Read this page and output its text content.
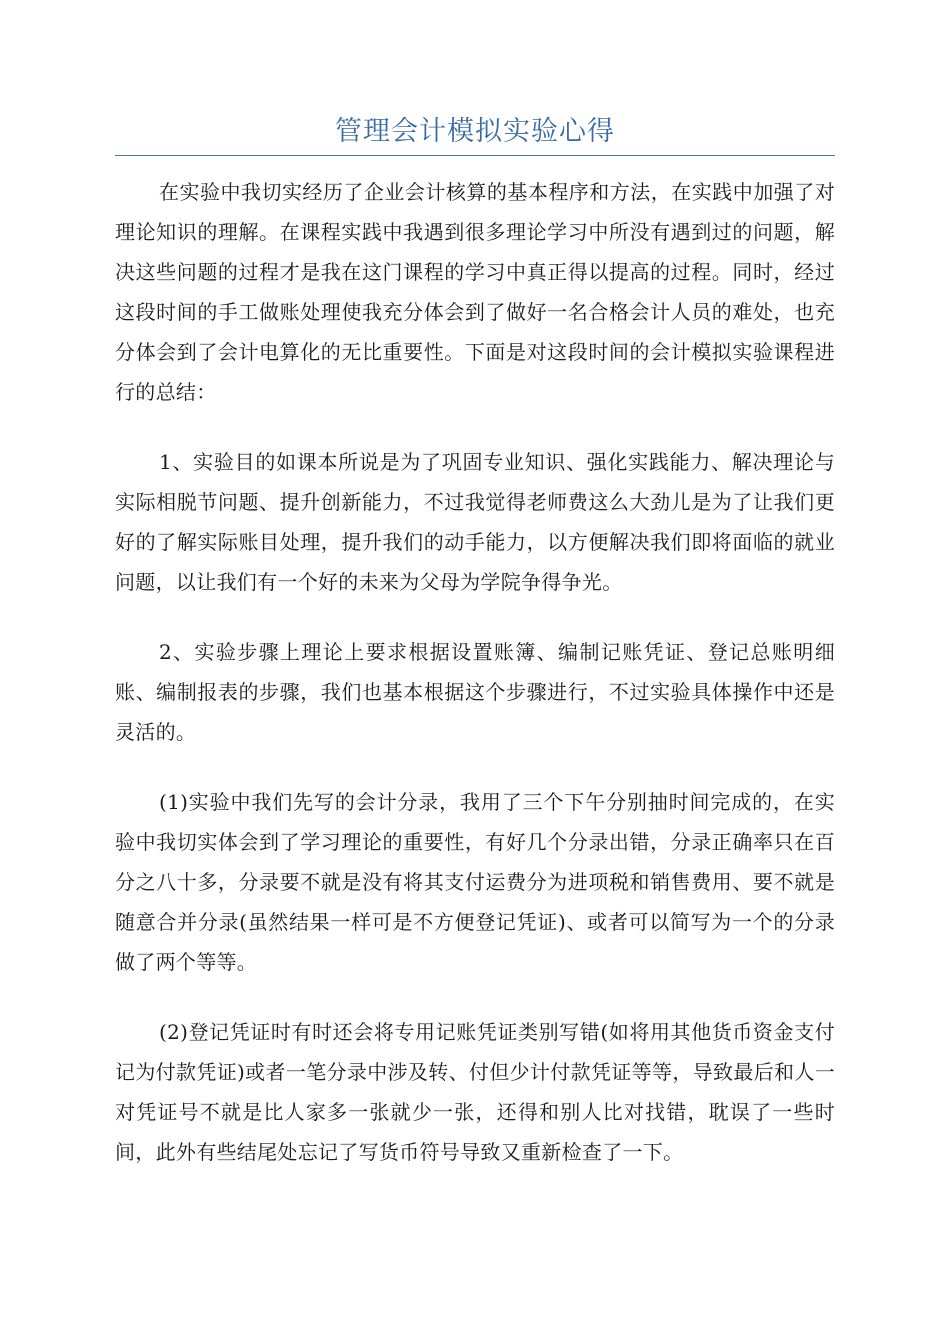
管理会计模拟实验心得

在实验中我切实经历了企业会计核算的基本程序和方法，在实践中加强了对理论知识的理解。在课程实践中我遇到很多理论学习中所没有遇到过的问题，解决这些问题的过程才是我在这门课程的学习中真正得以提高的过程。同时，经过这段时间的手工做账处理使我充分体会到了做好一名合格会计人员的难处，也充分体会到了会计电算化的无比重要性。下面是对这段时间的会计模拟实验课程进行的总结：

1、实验目的如课本所说是为了巩固专业知识、强化实践能力、解决理论与实际相脱节问题、提升创新能力，不过我觉得老师费这么大劲儿是为了让我们更好的了解实际账目处理，提升我们的动手能力，以方便解决我们即将面临的就业问题，以让我们有一个好的未来为父母为学院争得争光。

2、实验步骤上理论上要求根据设置账簿、编制记账凭证、登记总账明细账、编制报表的步骤，我们也基本根据这个步骤进行，不过实验具体操作中还是灵活的。

(1)实验中我们先写的会计分录，我用了三个下午分别抽时间完成的，在实验中我切实体会到了学习理论的重要性，有好几个分录出错，分录正确率只在百分之八十多，分录要不就是没有将其支付运费分为进项税和销售费用、要不就是随意合并分录(虽然结果一样可是不方便登记凭证)、或者可以简写为一个的分录做了两个等等。

(2)登记凭证时有时还会将专用记账凭证类别写错(如将用其他货币资金支付记为付款凭证)或者一笔分录中涉及转、付但少计付款凭证等等，导致最后和人一对凭证号不就是比人家多一张就少一张，还得和别人比对找错，耽误了一些时间，此外有些结尾处忘记了写货币符号导致又重新检查了一下。
